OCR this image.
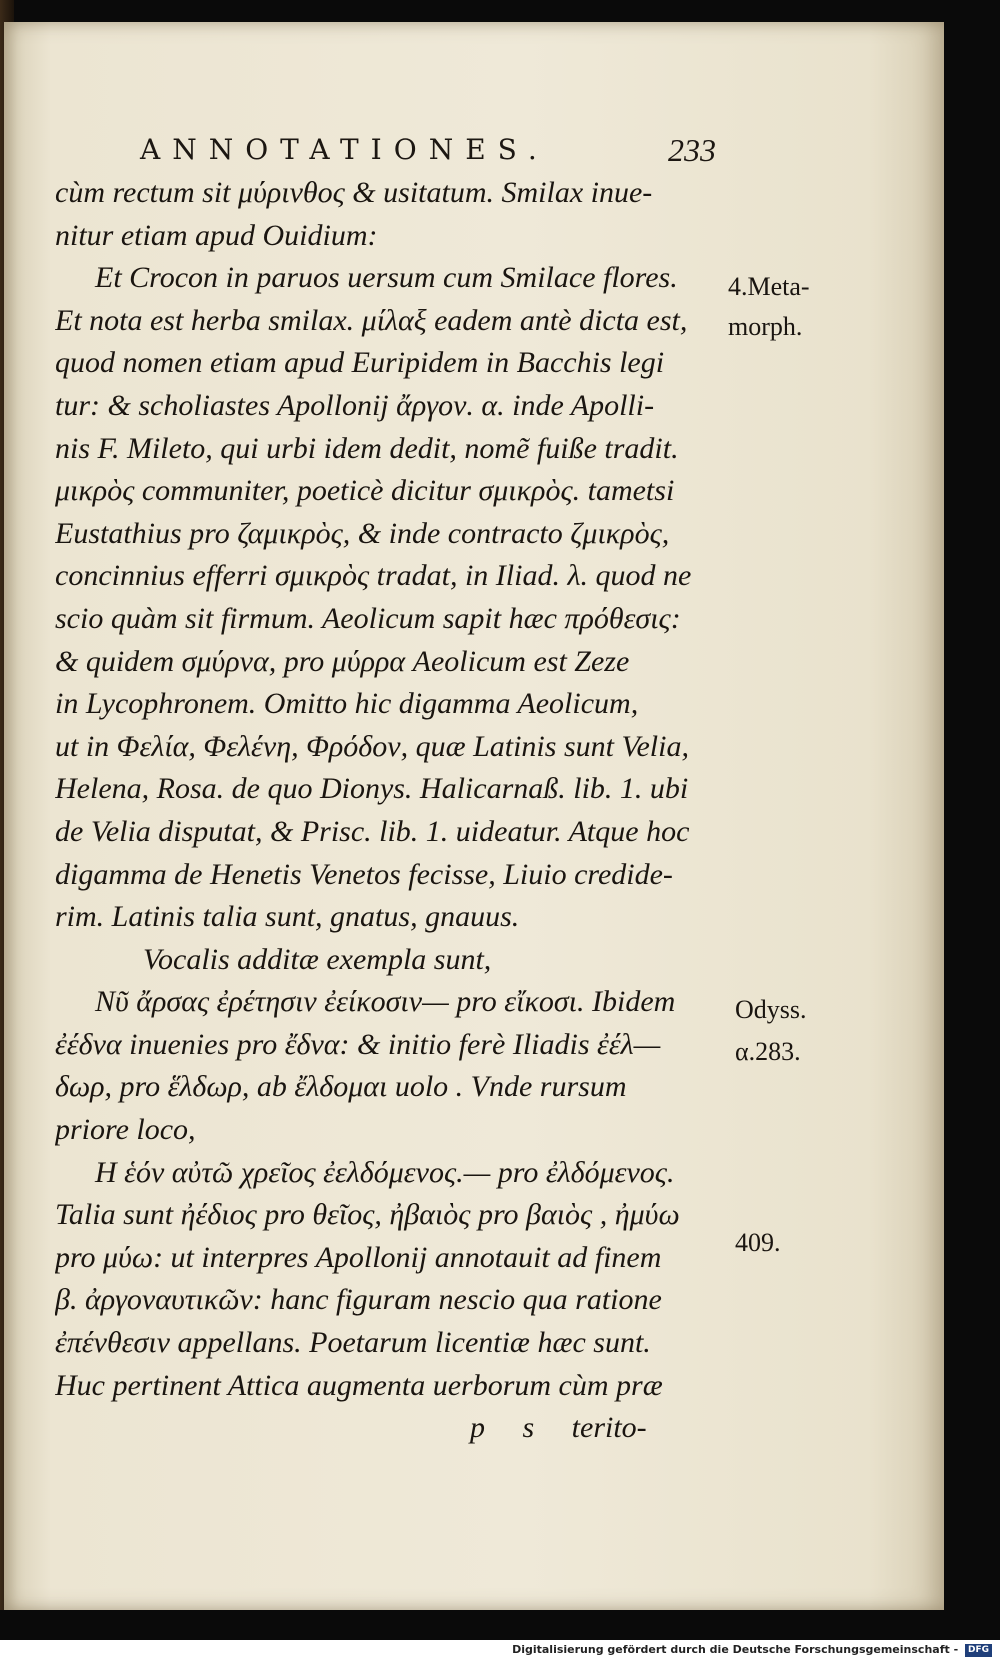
ANNOTATIONES.	233
cùm rectum sit μύρινθος & usitatum. Smilax inue-
nitur etiam apud Ouidium:
Et Crocon in paruos uersum cum Smilace flores.
Et nota est herba smilax. μίλαξ eadem antè dicta est,
quod nomen etiam apud Euripidem in Bacchis legi
tur: & scholiastes Apollonij ἄργον. α. inde Apolli-
nis F. Mileto, qui urbi idem dedit, nomẽ fuiße tradit.
μικρὸς communiter, poeticè dicitur σμικρὸς. tametsi
Eustathius pro ζαμικρὸς, & inde contracto ζμικρὸς,
concinnius efferri σμικρὸς tradat, in Iliad. λ. quod ne
scio quàm sit firmum. Aeolicum sapit hæc πρόθεσις:
& quidem σμύρνα, pro μύρρα Aeolicum est Zeze
in Lycophronem. Omitto hic digamma Aeolicum,
ut in Φελία, Φελένη, Φρόδον, quæ Latinis sunt Velia,
Helena, Rosa. de quo Dionys. Halicarnaß. lib. 1. ubi
de Velia disputat, & Prisc. lib. 1. uideatur. Atque hoc
digamma de Henetis Venetos fecisse, Liuio credide-
rim. Latinis talia sunt, gnatus, gnauus.
Vocalis additæ exempla sunt,
Νῦ ἄρσας ἐρέτησιν ἐείκοσιν— pro εἴκοσι. Ibidem
ἐέδνα inuenies pro ἔδνα: & initio ferè Iliadis ἐέλ—
δωρ, pro ἕλδωρ, ab ἔλδομαι uolo . Vnde rursum
priore loco,
Η ἑόν αὐτῶ χρεῖος ἐελδόμενος.— pro ἐλδόμενος.
Talia sunt ἠέδιος pro θεῖος, ἠβαιὸς pro βαιὸς , ἠμύω
pro μύω: ut interpres Apollonij annotauit ad finem
β. ἀργοναυτικῶν: hanc figuram nescio qua ratione
ἐπένθεσιν appellans. Poetarum licentiæ hæc sunt.
Huc pertinent Attica augmenta uerborum cùm præ
p s terito-
4.Meta-
morph.
Odyss.
α.283.
409.
Digitalisierung gefördert durch die Deutsche Forschungsgemeinschaft - DFG
